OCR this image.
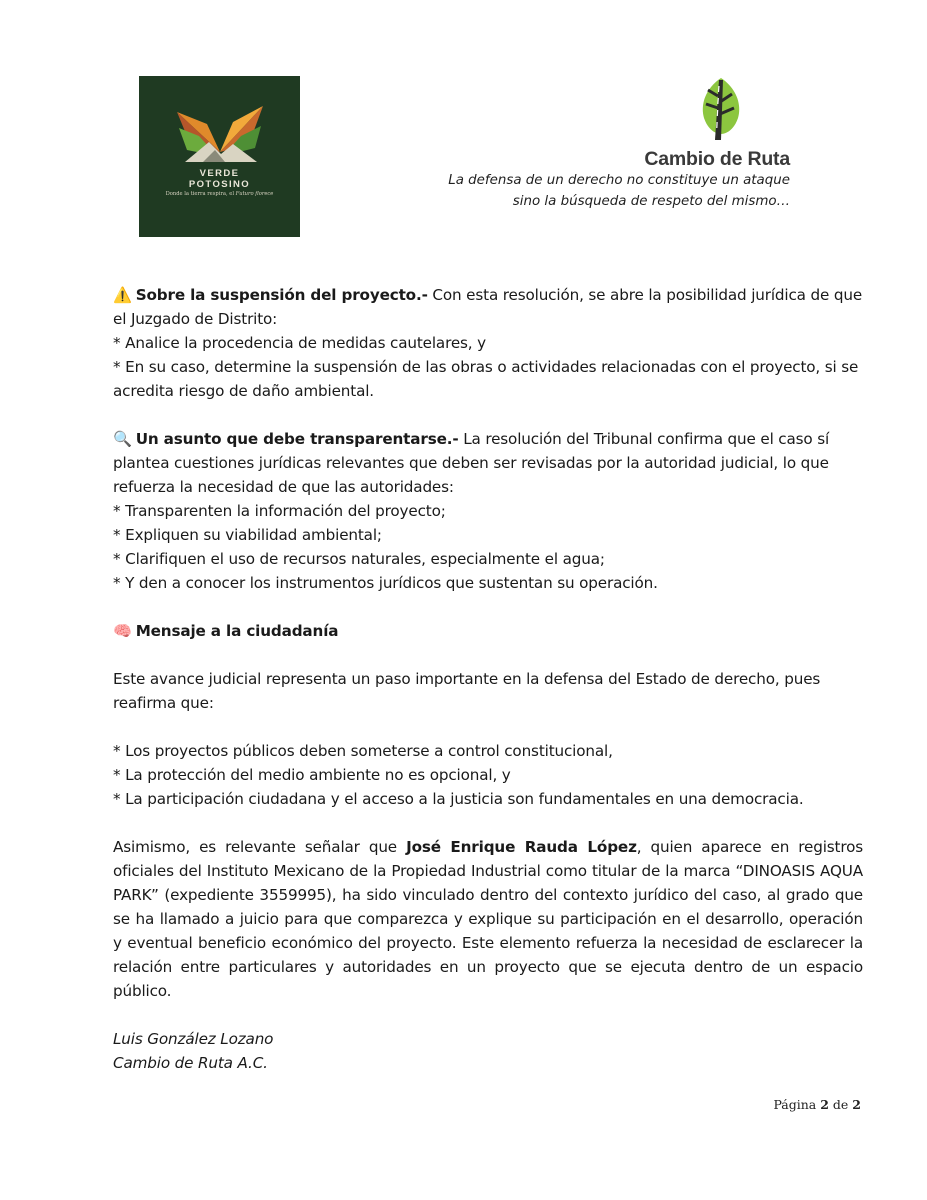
VERDE
POTOSINO
Donde la tierra respira, el Futuro florece
Cambio de Ruta
La defensa de un derecho no constituye un ataque
sino la búsqueda de respeto del mismo…

⚠️ Sobre la suspensión del proyecto.- Con esta resolución, se abre la posibilidad jurídica de que el Juzgado de Distrito:

* Analice la procedencia de medidas cautelares, y

* En su caso, determine la suspensión de las obras o actividades relacionadas con el proyecto, si se acredita riesgo de daño ambiental.

🔍 Un asunto que debe transparentarse.- La resolución del Tribunal confirma que el caso sí plantea cuestiones jurídicas relevantes que deben ser revisadas por la autoridad judicial, lo que refuerza la necesidad de que las autoridades:

* Transparenten la información del proyecto;

* Expliquen su viabilidad ambiental;

* Clarifiquen el uso de recursos naturales, especialmente el agua;

* Y den a conocer los instrumentos jurídicos que sustentan su operación.

🧠 Mensaje a la ciudadanía

Este avance judicial representa un paso importante en la defensa del Estado de derecho, pues reafirma que:

* Los proyectos públicos deben someterse a control constitucional,

* La protección del medio ambiente no es opcional, y

* La participación ciudadana y el acceso a la justicia son fundamentales en una democracia.

Asimismo, es relevante señalar que José Enrique Rauda López, quien aparece en registros oficiales del Instituto Mexicano de la Propiedad Industrial como titular de la marca “DINOASIS AQUA PARK” (expediente 3559995), ha sido vinculado dentro del contexto jurídico del caso, al grado que se ha llamado a juicio para que comparezca y explique su participación en el desarrollo, operación y eventual beneficio económico del proyecto. Este elemento refuerza la necesidad de esclarecer la relación entre particulares y autoridades en un proyecto que se ejecuta dentro de un espacio público.

Luis González Lozano

Cambio de Ruta A.C.

Página 2 de 2
